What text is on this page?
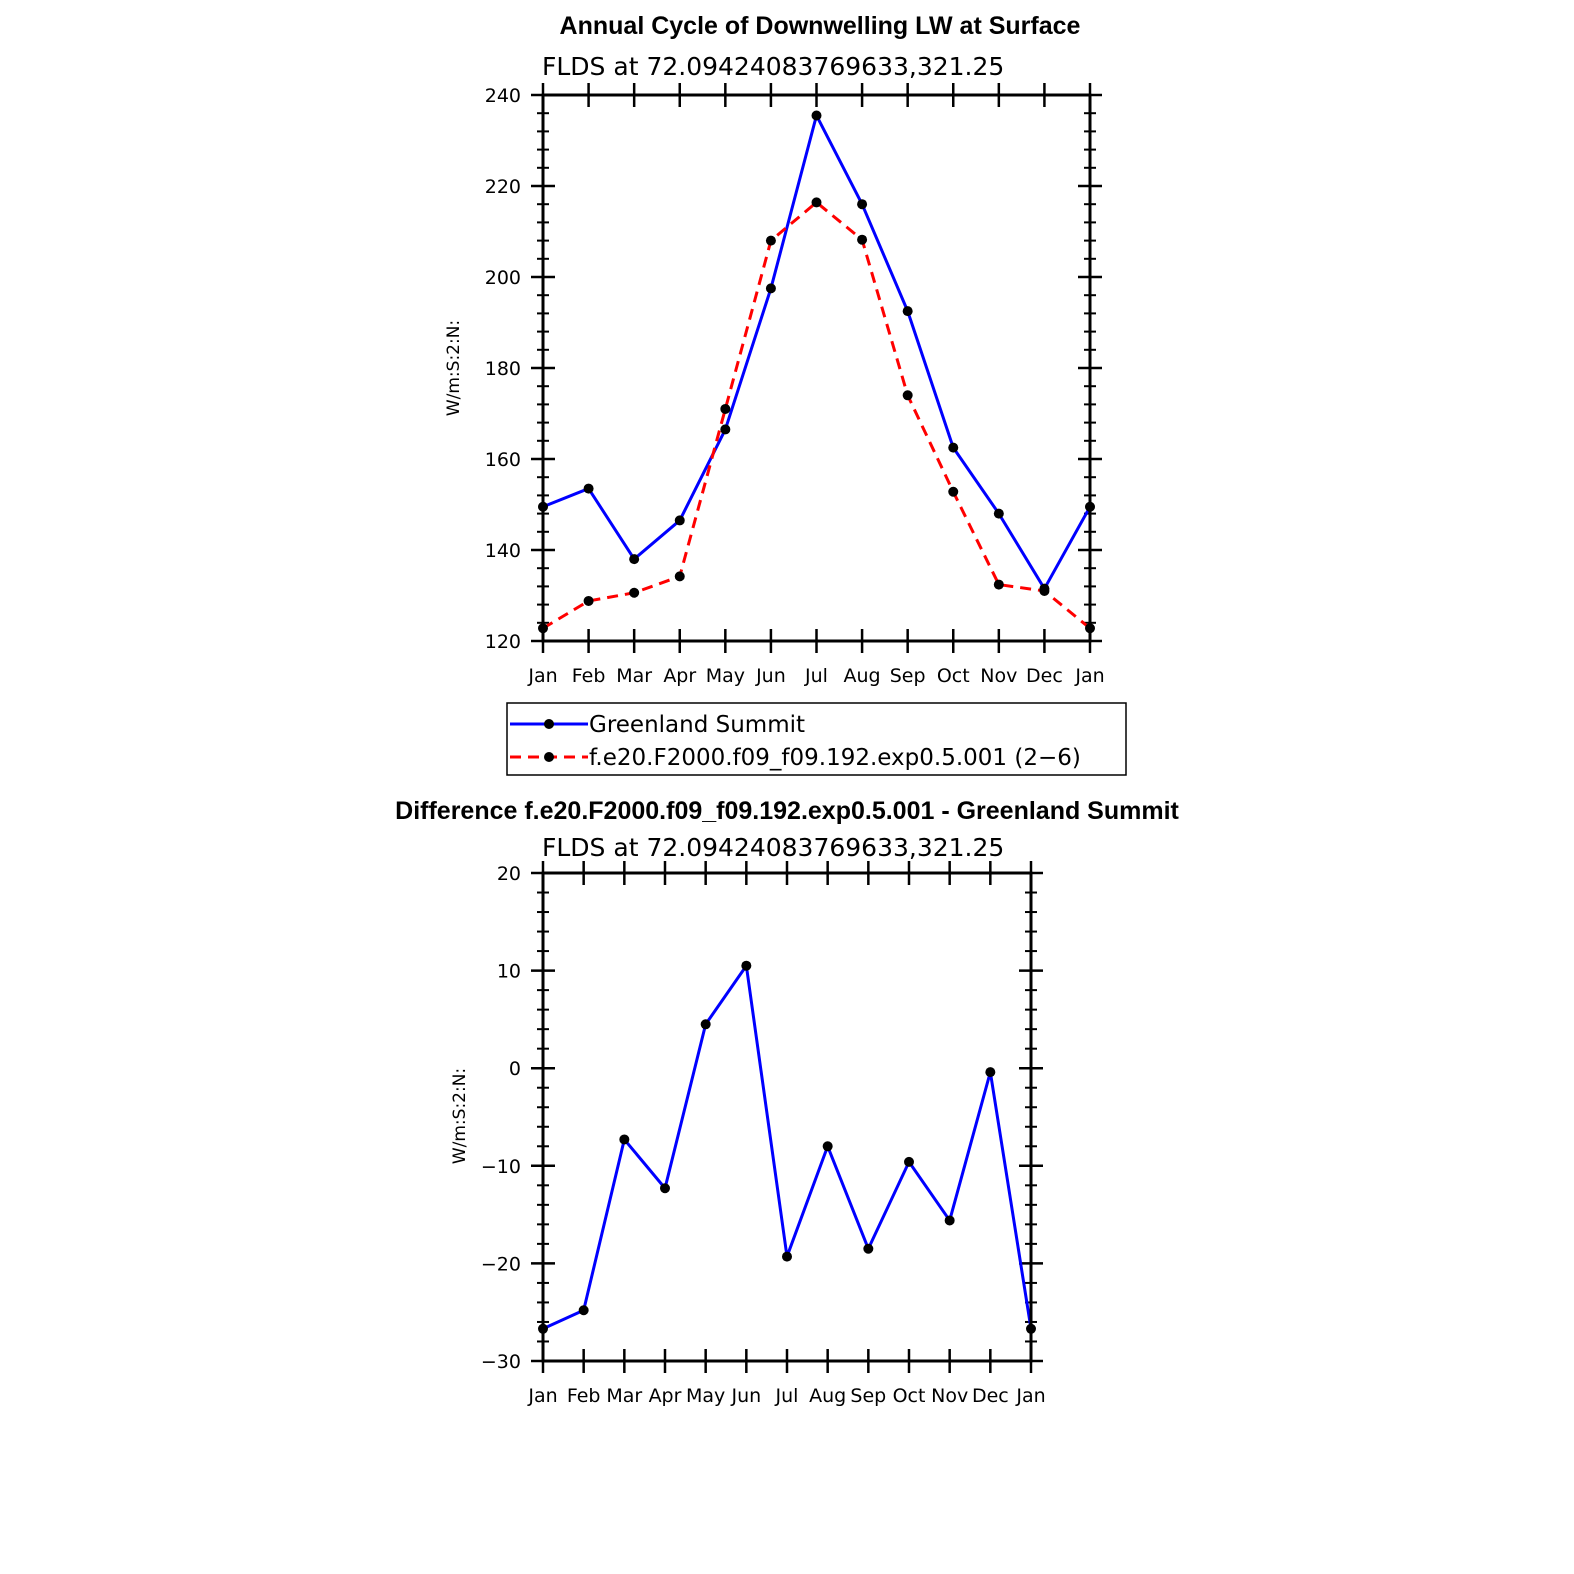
Annual Cycle of Downwelling LW at Surface
FLDS at 72.09424083769633,321.25
W/m:S:2:N:
120
140
160
180
200
220
240
Jan Feb Mar Apr May Jun Jul Aug Sep Oct Nov Dec Jan
Greenland Summit
f.e20.F2000.f09_f09.192.exp0.5.001 (2−6)
Difference f.e20.F2000.f09_f09.192.exp0.5.001 - Greenland Summit
FLDS at 72.09424083769633,321.25
W/m:S:2:N:
−30
−20
−10
0
10
20
Jan Feb Mar Apr May Jun Jul Aug Sep Oct Nov Dec Jan
